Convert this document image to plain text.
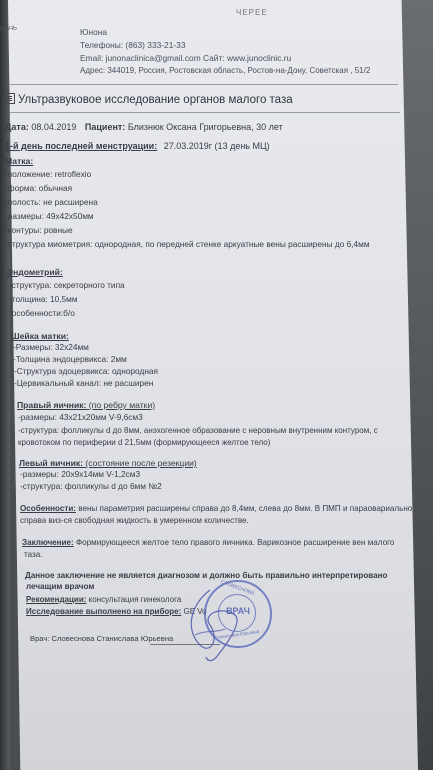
ЧЕРЕЕ
ШАЧЬ	Юнона
Телефоны: (863) 333-21-33
Email: junonaclinica@gmail.com Сайт: www.junoclinic.ru
Адрес: 344019, Россия, Ростовская область, Ростов-на-Дону, Советская , 51/2
Ультразвуковое исследование органов малого таза
Дата: 08.04.2019 Пациент: Близнюк Оксана Григорьевна, 30 лет
1-й день последней менструации: 27.03.2019г (13 день МЦ)
Матка:
-положение: retroflexio
-форма: обычная
-полость: не расширена
-размеры: 49х42х50мм
-контуры: ровные
-структура миометрия: однородная, по передней стенке аркуатные вены расширены до 6,4мм
Эндометрий:
-структура: секреторного типа
-толщина: 10,5мм
-особенности:б/о
Шейка матки:
-Размеры: 32х24мм
-Толщина эндоцервикса: 2мм
-Структура эдоцервикса: однородная
-Цервикальный канал: не расширен
Правый яичник: (по ребру матки)
-размеры: 43х21х20мм V-9,6см3
-структура: фолликулы d до 8мм, анэхогенное образование с неровным внутренним контуром, с
кровотоком по периферии d 21,5мм (формирующееся желтое тело)
Левый яичник: (состояние после резекции)
-размеры: 20х9х14мм V-1,2см3
-структура: фолликулы d до 6мм №2
Особенности: вены параметрия расширены справа до 8,4мм, слева до 8мм. В ПМП и параовариально
справа виз-ся свободная жидкость в умеренном количестве.
Заключение: Формирующееся желтое тело правого яичника. Варикозное расширение вен малого
таза.
Данное заключение не является диагнозом и должно быть правильно интерпретировано
лечащим врачом
Рекомендации: консультация гинеколога
Исследование выполнено на приборе: GE Vo
Врач: Словеснова Станислава Юрьевна
СЛОВЕСНОВА
ВРАЧ
Станислава Юрьевна
